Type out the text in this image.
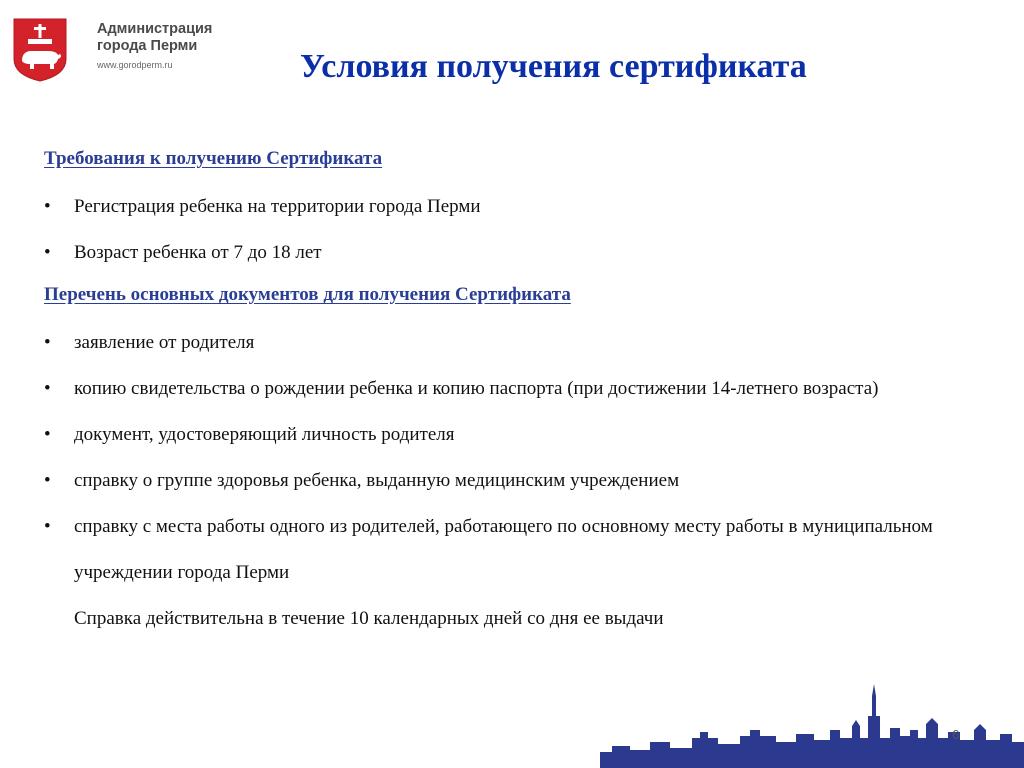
Администрация
города Перми
www.gorodperm.ru	Условия получения сертификата
Требования к получению Сертификата
• Регистрация ребенка на территории города Перми
• Возраст ребенка от 7 до 18 лет
Перечень основных документов для получения Сертификата
• заявление от родителя
• копию свидетельства о рождении ребенка и копию паспорта (при достижении 14-летнего возраста)
• документ, удостоверяющий личность родителя
• справку о группе здоровья ребенка, выданную медицинским учреждением
• справку с места работы одного из родителей, работающего по основному месту работы в муниципальном учреждении города Перми
Справка действительна в течение 10 календарных дней со дня ее выдачи
6
